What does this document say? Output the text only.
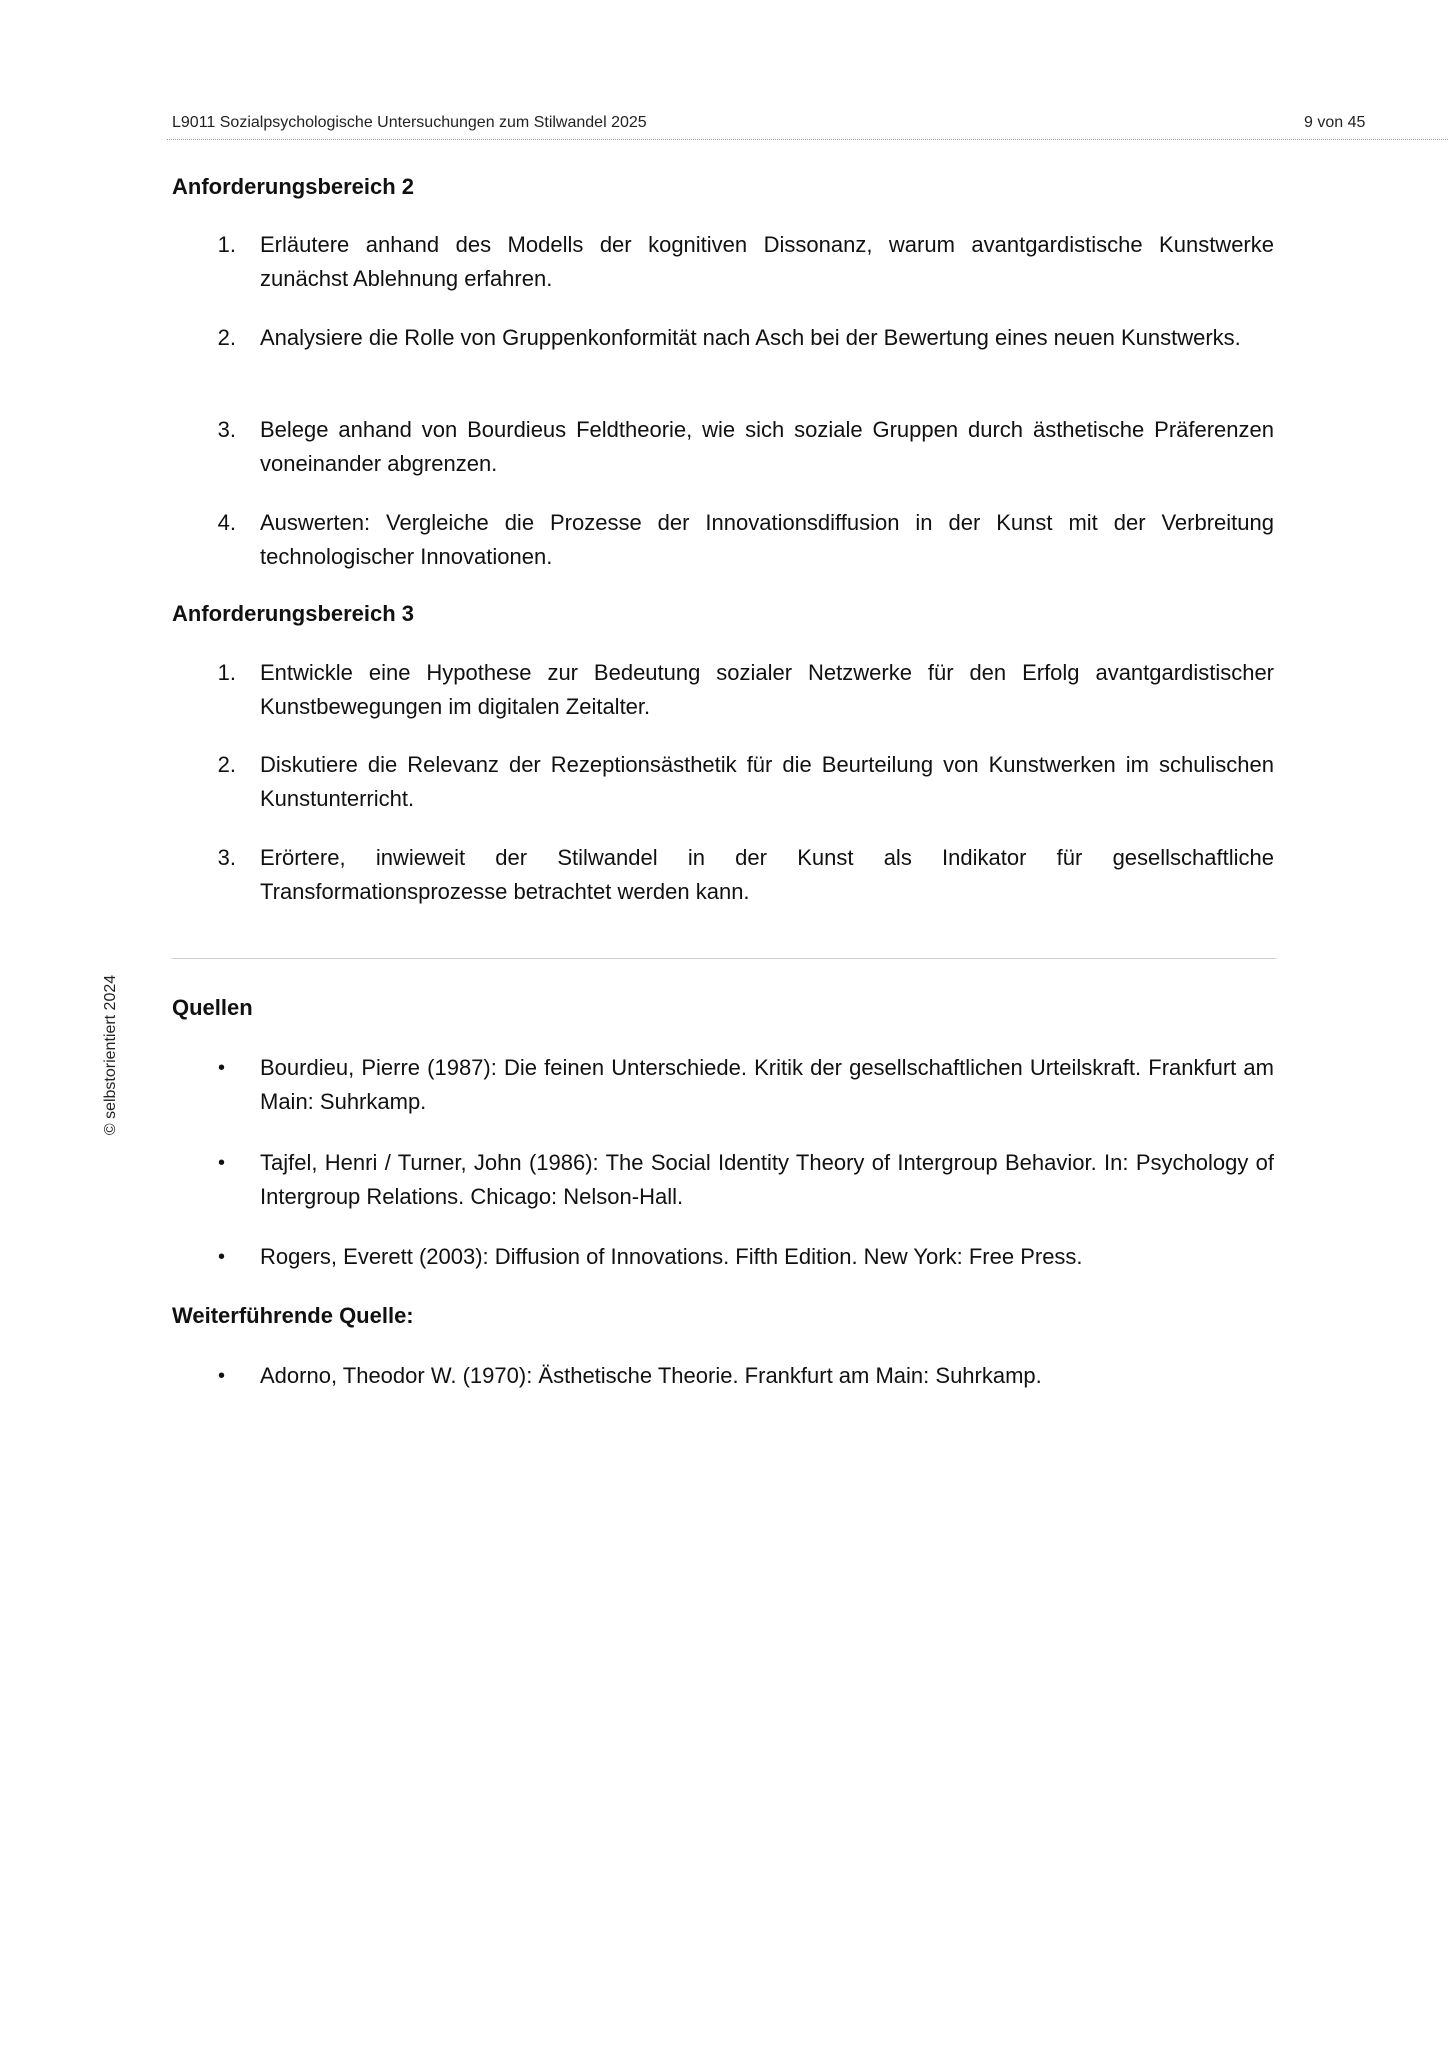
L9011 Sozialpsychologische Untersuchungen zum Stilwandel 2025	9 von 45
Anforderungsbereich 2
1. Erläutere anhand des Modells der kognitiven Dissonanz, warum avantgardistische Kunstwerke zunächst Ablehnung erfahren.
2. Analysiere die Rolle von Gruppenkonformität nach Asch bei der Bewertung eines neuen Kunstwerks.
3. Belege anhand von Bourdieus Feldtheorie, wie sich soziale Gruppen durch ästhetische Präferenzen voneinander abgrenzen.
4. Auswerten: Vergleiche die Prozesse der Innovationsdiffusion in der Kunst mit der Verbreitung technologischer Innovationen.
Anforderungsbereich 3
1. Entwickle eine Hypothese zur Bedeutung sozialer Netzwerke für den Erfolg avantgardistischer Kunstbewegungen im digitalen Zeitalter.
2. Diskutiere die Relevanz der Rezeptionsästhetik für die Beurteilung von Kunstwerken im schulischen Kunstunterricht.
3. Erörtere, inwieweit der Stilwandel in der Kunst als Indikator für gesellschaftliche Transformationsprozesse betrachtet werden kann.
Quellen
• Bourdieu, Pierre (1987): Die feinen Unterschiede. Kritik der gesellschaftlichen Urteilskraft. Frankfurt am Main: Suhrkamp.
• Tajfel, Henri / Turner, John (1986): The Social Identity Theory of Intergroup Behavior. In: Psychology of Intergroup Relations. Chicago: Nelson-Hall.
• Rogers, Everett (2003): Diffusion of Innovations. Fifth Edition. New York: Free Press.
Weiterführende Quelle:
• Adorno, Theodor W. (1970): Ästhetische Theorie. Frankfurt am Main: Suhrkamp.
© selbstorientiert 2024
